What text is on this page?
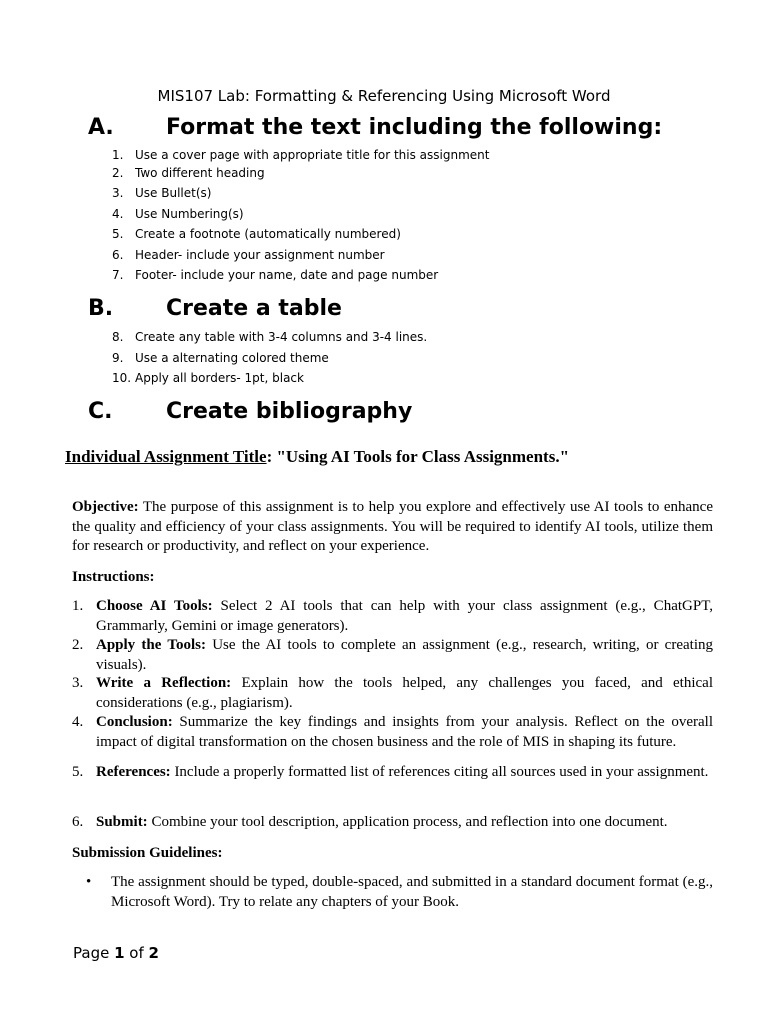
MIS107 Lab: Formatting & Referencing Using Microsoft Word
A. Format the text including the following:
1. Use a cover page with appropriate title for this assignment
2. Two different heading
3. Use Bullet(s)
4. Use Numbering(s)
5. Create a footnote (automatically numbered)
6. Header- include your assignment number
7. Footer- include your name, date and page number
B. Create a table
8. Create any table with 3-4 columns and 3-4 lines.
9. Use a alternating colored theme
10. Apply all borders- 1pt, black
C. Create bibliography
Individual Assignment Title: "Using AI Tools for Class Assignments."
Objective: The purpose of this assignment is to help you explore and effectively use AI tools to enhance the quality and efficiency of your class assignments. You will be required to identify AI tools, utilize them for research or productivity, and reflect on your experience.
Instructions:
1. Choose AI Tools: Select 2 AI tools that can help with your class assignment (e.g., ChatGPT, Grammarly, Gemini or image generators).
2. Apply the Tools: Use the AI tools to complete an assignment (e.g., research, writing, or creating visuals).
3. Write a Reflection: Explain how the tools helped, any challenges you faced, and ethical considerations (e.g., plagiarism).
4. Conclusion: Summarize the key findings and insights from your analysis. Reflect on the overall impact of digital transformation on the chosen business and the role of MIS in shaping its future.
5. References: Include a properly formatted list of references citing all sources used in your assignment.
6. Submit: Combine your tool description, application process, and reflection into one document.
Submission Guidelines:
• The assignment should be typed, double-spaced, and submitted in a standard document format (e.g., Microsoft Word). Try to relate any chapters of your Book.
Page 1 of 2
